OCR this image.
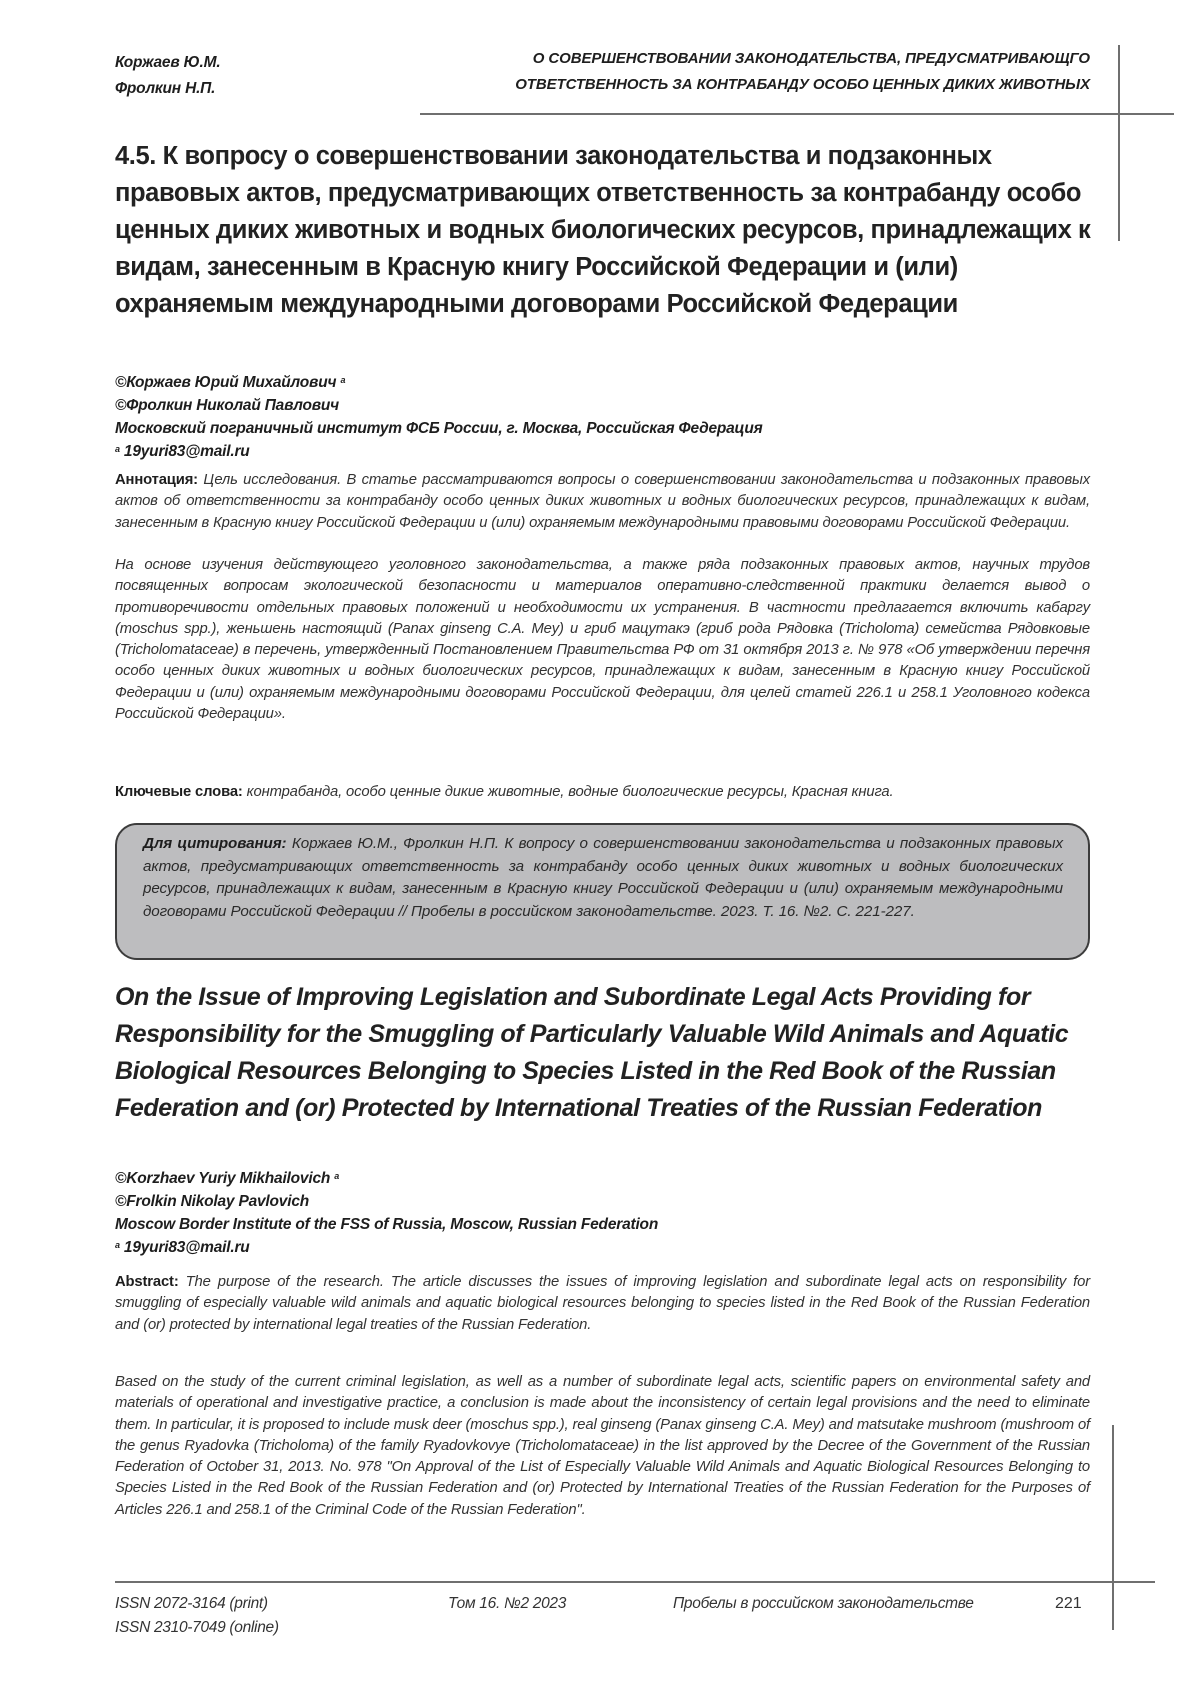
Коржаев Ю.М.
Фролкин Н.П.
О СОВЕРШЕНСТВОВАНИИ ЗАКОНОДАТЕЛЬСТВА, ПРЕДУСМАТРИВАЮЩГО
ОТВЕТСТВЕННОСТЬ ЗА КОНТРАБАНДУ ОСОБО ЦЕННЫХ ДИКИХ ЖИВОТНЫХ
4.5. К вопросу о совершенствовании законодательства и подзаконных правовых актов, предусматривающих ответственность за контрабанду особо ценных диких животных и водных биологических ресурсов, принадлежащих к видам, занесенным в Красную книгу Российской Федерации и (или) охраняемым международными договорами Российской Федерации
©Коржаев Юрий Михайлович $^a$
©Фролкин Николай Павлович
Московский пограничный институт ФСБ России, г. Москва, Российская Федерация
$^a$ 19yuri83@mail.ru
Аннотация: Цель исследования. В статье рассматриваются вопросы о совершенствовании законодательства и подзаконных правовых актов об ответственности за контрабанду особо ценных диких животных и водных биологических ресурсов, принадлежащих к видам, занесенным в Красную книгу Российской Федерации и (или) охраняемым международными правовыми договорами Российской Федерации.
На основе изучения действующего уголовного законодательства, а также ряда подзаконных правовых актов, научных трудов посвященных вопросам экологической безопасности и материалов оперативно-следственной практики делается вывод о противоречивости отдельных правовых положений и необходимости их устранения. В частности предлагается включить кабаргу (moschus spp.), женьшень настоящий (Panax ginseng C.A. Mey) и гриб мацутакэ (гриб рода Рядовка (Tricholoma) семейства Рядовковые (Tricholomataceae) в перечень, утвержденный Постановлением Правительства РФ от 31 октября 2013 г. № 978 «Об утверждении перечня особо ценных диких животных и водных биологических ресурсов, принадлежащих к видам, занесенным в Красную книгу Российской Федерации и (или) охраняемым международными договорами Российской Федерации, для целей статей 226.1 и 258.1 Уголовного кодекса Российской Федерации».
Ключевые слова: контрабанда, особо ценные дикие животные, водные биологические ресурсы, Красная книга.
Для цитирования: Коржаев Ю.М., Фролкин Н.П. К вопросу о совершенствовании законодательства и подзаконных правовых актов, предусматривающих ответственность за контрабанду особо ценных диких животных и водных биологических ресурсов, принадлежащих к видам, занесенным в Красную книгу Российской Федерации и (или) охраняемым международными договорами Российской Федерации // Пробелы в российском законодательстве. 2023. Т. 16. №2. С. 221-227.
On the Issue of Improving Legislation and Subordinate Legal Acts Providing for Responsibility for the Smuggling of Particularly Valuable Wild Animals and Aquatic Biological Resources Belonging to Species Listed in the Red Book of the Russian Federation and (or) Protected by International Treaties of the Russian Federation
©Korzhaev Yuriy Mikhailovich $^a$
©Frolkin Nikolay Pavlovich
Moscow Border Institute of the FSS of Russia, Moscow, Russian Federation
$^a$ 19yuri83@mail.ru
Abstract: The purpose of the research. The article discusses the issues of improving legislation and subordinate legal acts on responsibility for smuggling of especially valuable wild animals and aquatic biological resources belonging to species listed in the Red Book of the Russian Federation and (or) protected by international legal treaties of the Russian Federation.
Based on the study of the current criminal legislation, as well as a number of subordinate legal acts, scientific papers on environmental safety and materials of operational and investigative practice, a conclusion is made about the inconsistency of certain legal provisions and the need to eliminate them. In particular, it is proposed to include musk deer (moschus spp.), real ginseng (Panax ginseng C.A. Mey) and matsutake mushroom (mushroom of the genus Ryadovka (Tricholoma) of the family Ryadovkovye (Tricholomataceae) in the list approved by the Decree of the Government of the Russian Federation of October 31, 2013. No. 978 "On Approval of the List of Especially Valuable Wild Animals and Aquatic Biological Resources Belonging to Species Listed in the Red Book of the Russian Federation and (or) Protected by International Treaties of the Russian Federation for the Purposes of Articles 226.1 and 258.1 of the Criminal Code of the Russian Federation".
ISSN 2072-3164 (print)
ISSN 2310-7049 (online)
Том 16. №2 2023	Пробелы в российском законодательстве	221
